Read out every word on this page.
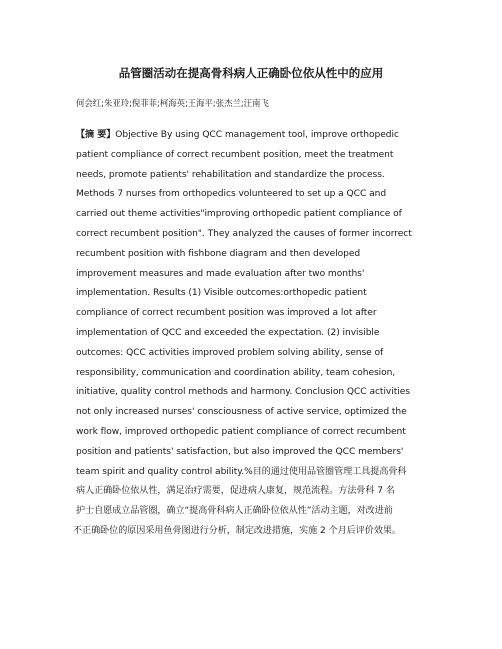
品管圈活动在提高骨科病人正确卧位依从性中的应用
何会红;朱亚玲;倪菲菲;柯海英;王海平;张杰兰;汪南飞
【摘 要】Objective By using QCC management tool, improve orthopedic
patient compliance of correct recumbent position, meet the treatment
needs, promote patients' rehabilitation and standardize the process.
Methods 7 nurses from orthopedics volunteered to set up a QCC and
carried out theme activities"improving orthopedic patient compliance of
correct recumbent position". They analyzed the causes of former incorrect
recumbent position with fishbone diagram and then developed
improvement measures and made evaluation after two months'
implementation. Results (1) Visible outcomes:orthopedic patient
compliance of correct recumbent position was improved a lot after
implementation of QCC and exceeded the expectation. (2) invisible
outcomes: QCC activities improved problem solving ability, sense of
responsibility, communication and coordination ability, team cohesion,
initiative, quality control methods and harmony. Conclusion QCC activities
not only increased nurses' consciousness of active service, optimized the
work flow, improved orthopedic patient compliance of correct recumbent
position and patients' satisfaction, but also improved the QCC members'
team spirit and quality control ability.%目的通过使用品管圈管理工具提高骨科
病人正确卧位依从性，满足治疗需要，促进病人康复，规范流程。方法骨科 7 名
护士自愿成立品管圈，确立“提高骨科病人正确卧位依从性”活动主题，对改进前
不正确卧位的原因采用鱼骨图进行分析，制定改进措施，实施 2 个月后评价效果。
